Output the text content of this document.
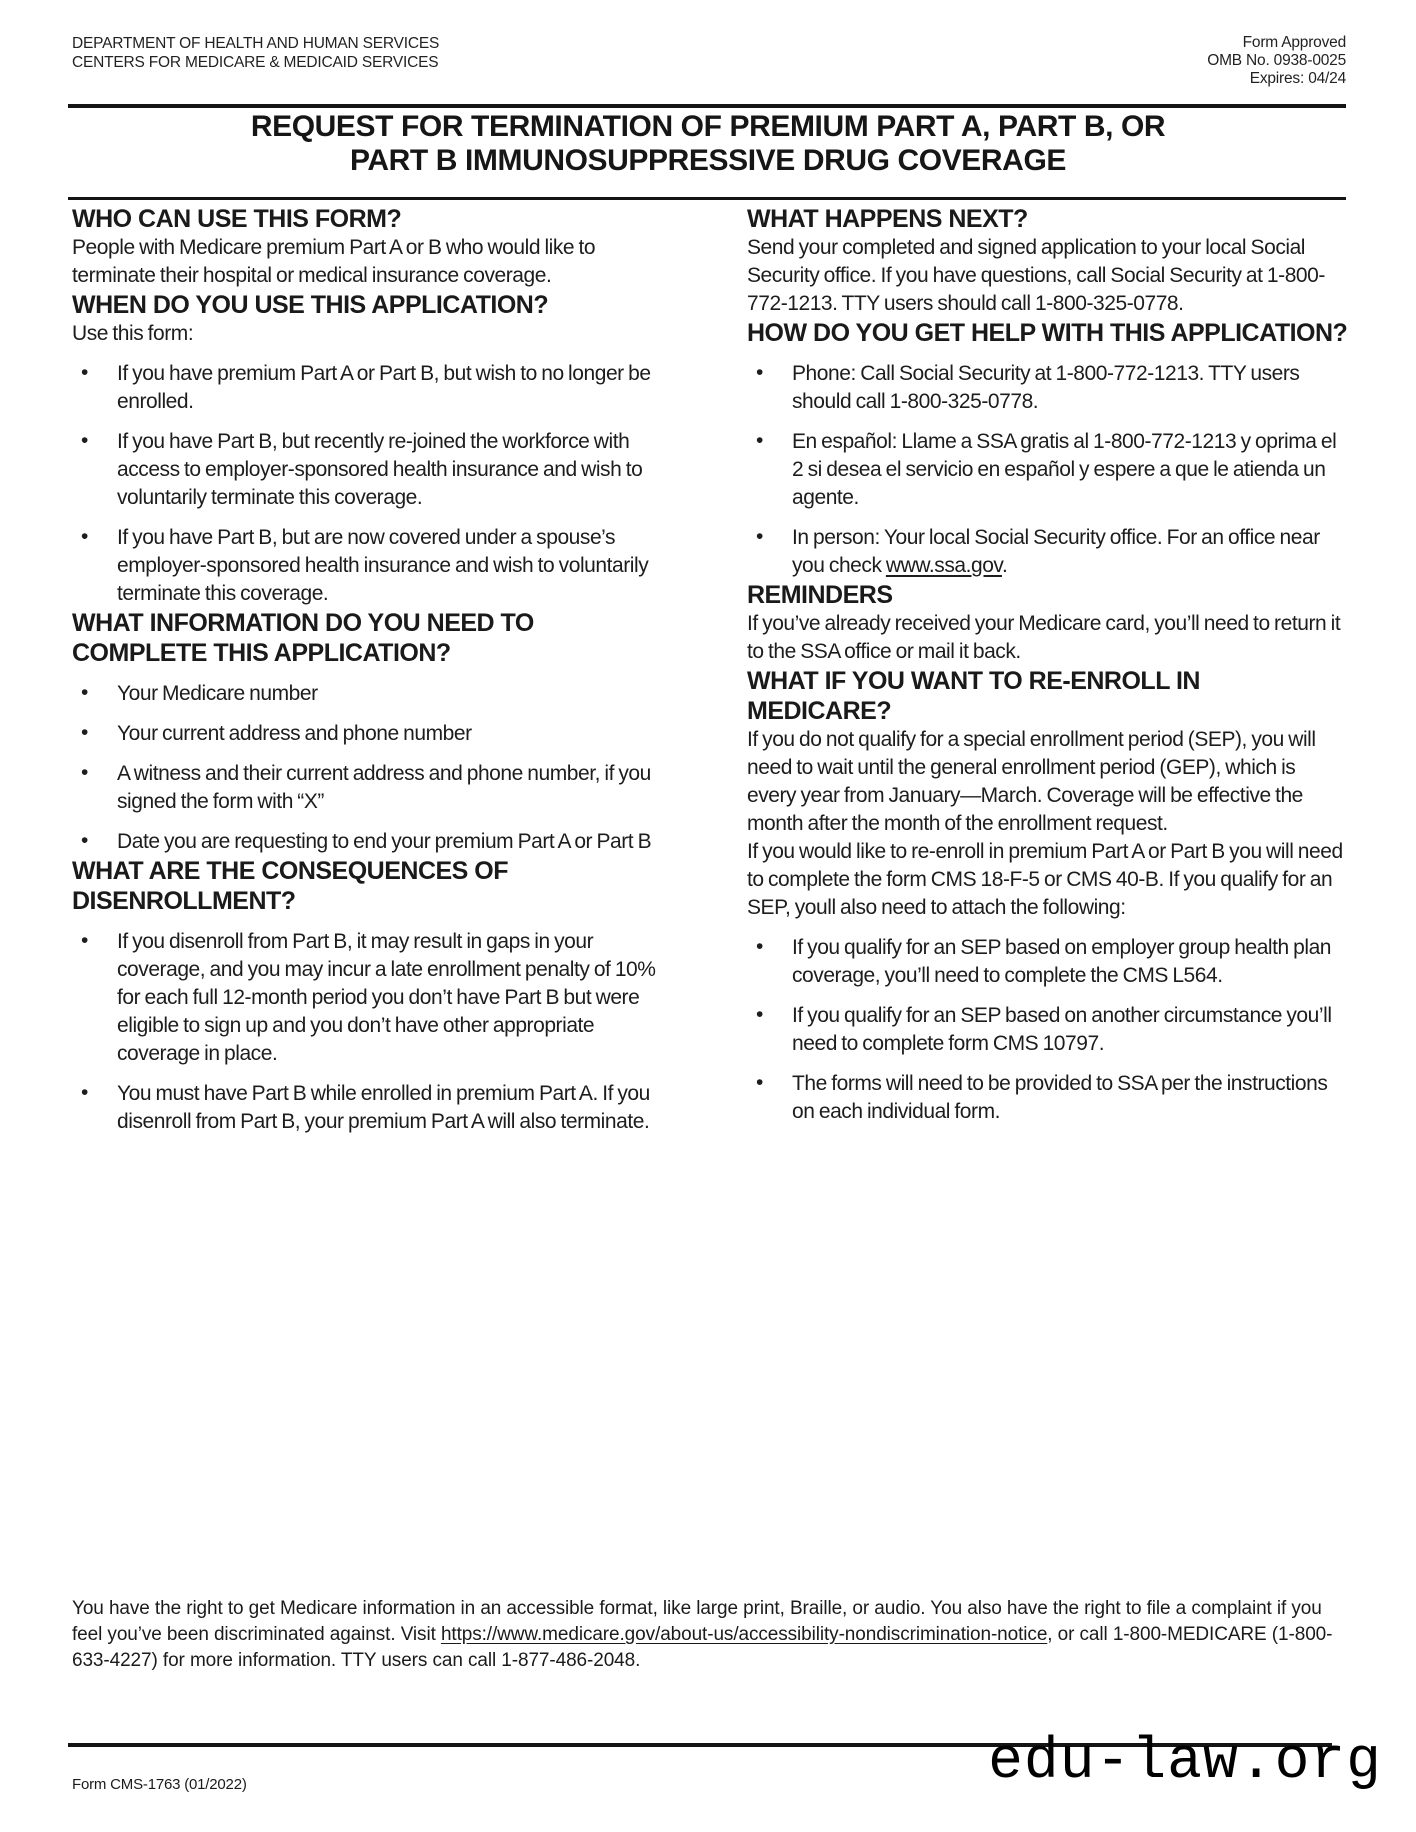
DEPARTMENT OF HEALTH AND HUMAN SERVICES
CENTERS FOR MEDICARE & MEDICAID SERVICES
Form Approved
OMB No. 0938-0025
Expires: 04/24
REQUEST FOR TERMINATION OF PREMIUM PART A, PART B, OR
PART B IMMUNOSUPPRESSIVE DRUG COVERAGE
WHO CAN USE THIS FORM?

People with Medicare premium Part A or B who would like to terminate their hospital or medical insurance coverage.

WHEN DO YOU USE THIS APPLICATION?

Use this form:

• If you have premium Part A or Part B, but wish to no longer be enrolled.
• If you have Part B, but recently re-joined the workforce with access to employer-sponsored health insurance and wish to voluntarily terminate this coverage.
• If you have Part B, but are now covered under a spouse’s employer-sponsored health insurance and wish to voluntarily terminate this coverage.
WHAT INFORMATION DO YOU NEED TO COMPLETE THIS APPLICATION?
• Your Medicare number
• Your current address and phone number
• A witness and their current address and phone number, if you signed the form with “X”
• Date you are requesting to end your premium Part A or Part B
WHAT ARE THE CONSEQUENCES OF DISENROLLMENT?
• If you disenroll from Part B, it may result in gaps in your coverage, and you may incur a late enrollment penalty of 10% for each full 12-month period you don’t have Part B but were eligible to sign up and you don’t have other appropriate coverage in place.
• You must have Part B while enrolled in premium Part A. If you disenroll from Part B, your premium Part A will also terminate.
WHAT HAPPENS NEXT?

Send your completed and signed application to your local Social Security office. If you have questions, call Social Security at 1-800-772-1213. TTY users should call 1-800-325-0778.

HOW DO YOU GET HELP WITH THIS APPLICATION?
• Phone: Call Social Security at 1-800-772-1213. TTY users should call 1-800-325-0778.
• En español: Llame a SSA gratis al 1-800-772-1213 y oprima el 2 si desea el servicio en español y espere a que le atienda un agente.
• In person: Your local Social Security office. For an office near you check www.ssa.gov.
REMINDERS

If you’ve already received your Medicare card, you’ll need to return it to the SSA office or mail it back.

WHAT IF YOU WANT TO RE-ENROLL IN MEDICARE?

If you do not qualify for a special enrollment period (SEP), you will need to wait until the general enrollment period (GEP), which is every year from January—March. Coverage will be effective the month after the month of the enrollment request.

If you would like to re-enroll in premium Part A or Part B you will need to complete the form CMS 18-F-5 or CMS 40-B. If you qualify for an SEP, youll also need to attach the following:

• If you qualify for an SEP based on employer group health plan coverage, you’ll need to complete the CMS L564.
• If you qualify for an SEP based on another circumstance you’ll need to complete form CMS 10797.
• The forms will need to be provided to SSA per the instructions on each individual form.

You have the right to get Medicare information in an accessible format, like large print, Braille, or audio. You also have the right to file a complaint if you feel you’ve been discriminated against. Visit https://www.medicare.gov/about-us/accessibility-nondiscrimination-notice, or call 1-800-MEDICARE (1-800-633-4227) for more information. TTY users can call 1-877-486-2048.

edu-law.org
Form CMS-1763 (01/2022)
